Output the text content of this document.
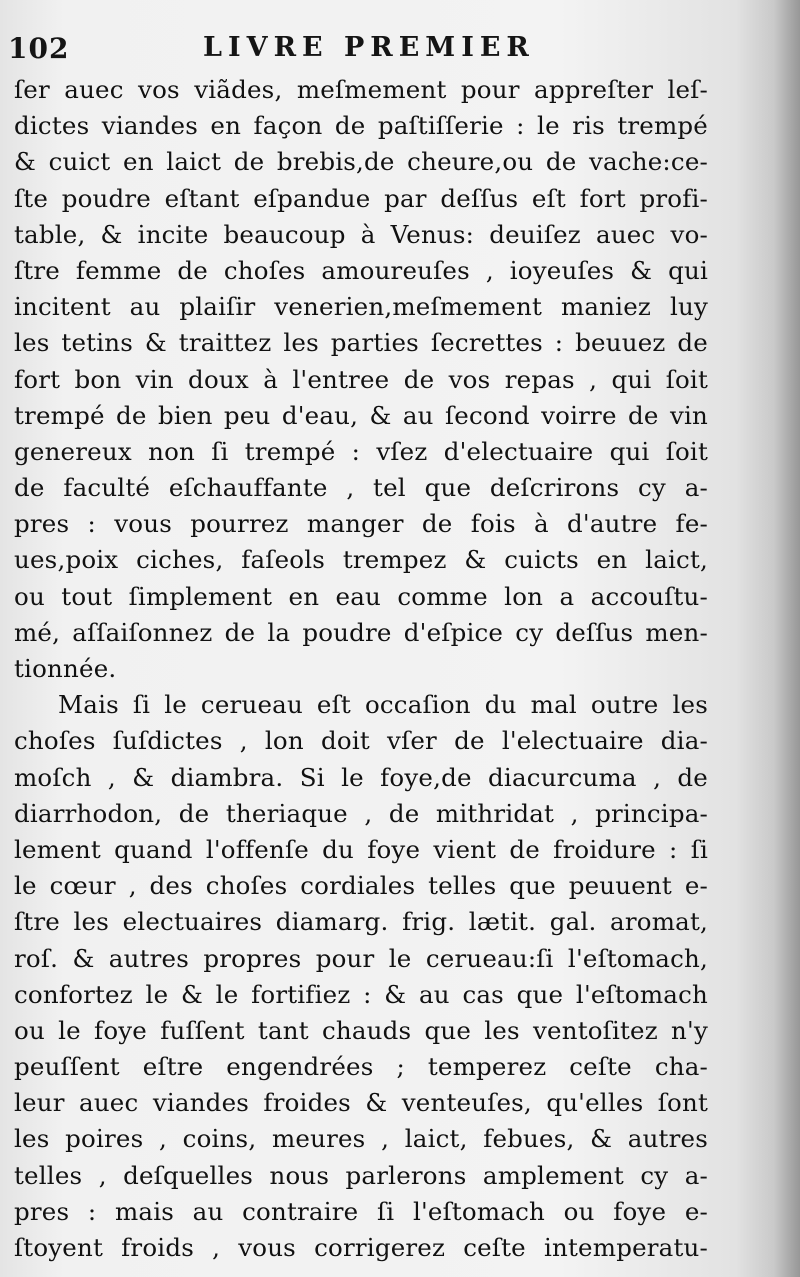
102	LIVRE PREMIER
ſer auec vos viãdes, meſmement pour appreſter leſ-
dictes viandes en façon de paſtiſſerie : le ris trempé
& cuict en laict de brebis,de cheure,ou de vache:ce-
ſte poudre eſtant eſpandue par deſſus eſt fort profi-
table, & incite beaucoup à Venus: deuiſez auec vo-
ſtre femme de choſes amoureuſes , ioyeuſes & qui
incitent au plaiſir venerien,meſmement maniez luy
les tetins & traittez les parties ſecrettes : beuuez de
fort bon vin doux à l'entree de vos repas , qui ſoit
trempé de bien peu d'eau, & au ſecond voirre de vin
genereux non ſi trempé : vſez d'electuaire qui ſoit
de faculté eſchauffante , tel que deſcrirons cy a-
pres : vous pourrez manger de fois à d'autre fe-
ues,poix ciches, faſeols trempez & cuicts en laict,
ou tout ſimplement en eau comme lon a accouſtu-
mé, aſſaiſonnez de la poudre d'eſpice cy deſſus men-
tionnée.
Mais ſi le cerueau eſt occaſion du mal outre les
choſes ſuſdictes , lon doit vſer de l'electuaire dia-
moſch , & diambra. Si le foye,de diacurcuma , de
diarrhodon, de theriaque , de mithridat , principa-
lement quand l'offenſe du foye vient de froidure : ſi
le cœur , des choſes cordiales telles que peuuent e-
ſtre les electuaires diamarg. frig. lætit. gal. aromat,
roſ. & autres propres pour le cerueau:ſi l'eſtomach,
confortez le & le fortifiez : & au cas que l'eſtomach
ou le foye fuſſent tant chauds que les ventoſitez n'y
peuſſent eſtre engendrées ; temperez ceſte cha-
leur auec viandes froides & venteuſes, qu'elles ſont
les poires , coins, meures , laict, febues, & autres
telles , deſquelles nous parlerons amplement cy a-
pres : mais au contraire ſi l'eſtomach ou foye e-
ſtoyent froids , vous corrigerez ceſte intemperatu-
